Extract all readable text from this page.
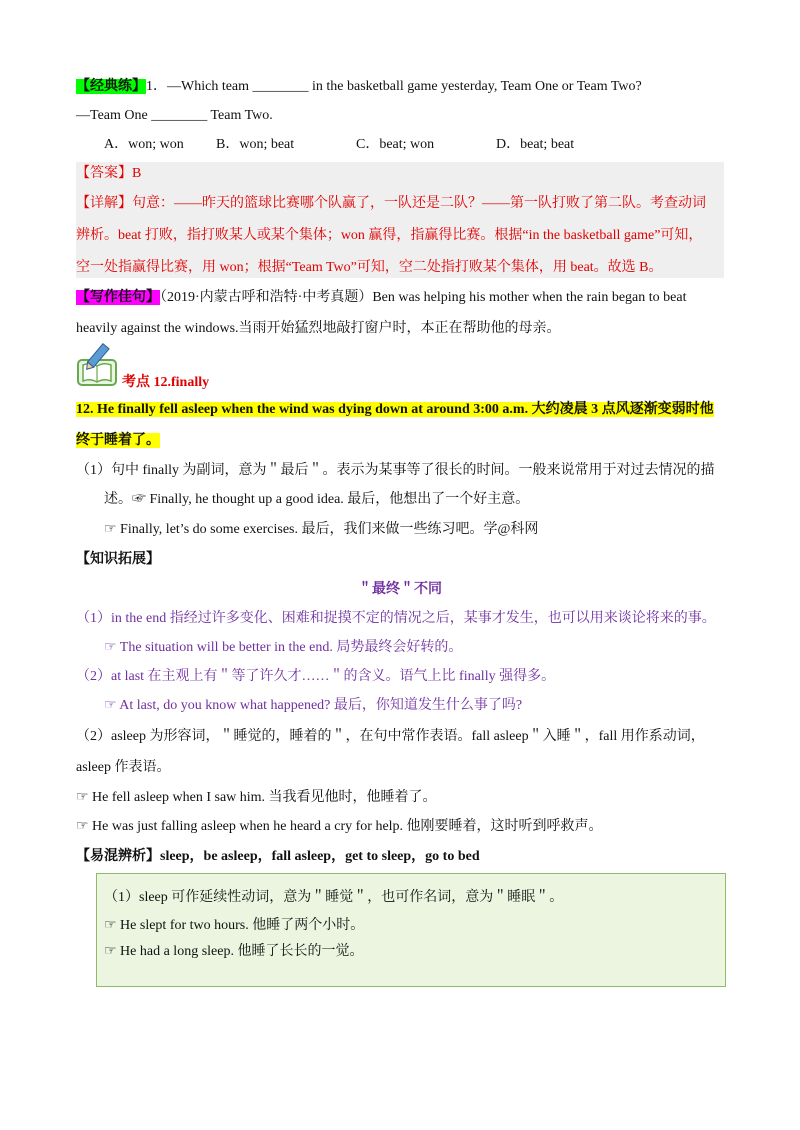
【经典练】1．—Which team ________ in the basketball game yesterday, Team One or Team Two?
—Team One ________ Team Two.
A．won; won B．won; beat	C．beat; won	D．beat; beat
【答案】B
【详解】句意：——昨天的篮球比赛哪个队赢了，一队还是二队？——第一队打败了第二队。考查动词
辨析。beat 打败，指打败某人或某个集体；won 赢得，指赢得比赛。根据“in the basketball game”可知，
空一处指赢得比赛，用 won；根据“Team Two”可知，空二处指打败某个集体，用 beat。故选 B。
【写作佳句】（2019·内蒙古呼和浩特·中考真题）Ben was helping his mother when the rain began to beat
heavily against the windows.当雨开始猛烈地敲打窗户时，本正在帮助他的母亲。
考点 12.finally
12. He finally fell asleep when the wind was dying down at around 3:00 a.m. 大约凌晨 3 点风逐渐变弱时他
终于睡着了。
（1）句中 finally 为副词，意为＂最后＂。表示为某事等了很长的时间。一般来说常用于对过去情况的描
述。☞ Finally, he thought up a good idea. 最后，他想出了一个好主意。
☞ Finally, let’s do some exercises. 最后，我们来做一些练习吧。学@科网
【知识拓展】
＂最终＂不同
（1）in the end 指经过许多变化、困难和捉摸不定的情况之后，某事才发生，也可以用来谈论将来的事。
☞ The situation will be better in the end. 局势最终会好转的。
（2）at last 在主观上有＂等了许久才……＂的含义。语气上比 finally 强得多。
☞ At last, do you know what happened? 最后，你知道发生什么事了吗?
（2）asleep 为形容词，＂睡觉的，睡着的＂，在句中常作表语。fall asleep＂入睡＂，fall 用作系动词，
asleep 作表语。
☞ He fell asleep when I saw him. 当我看见他时，他睡着了。
☞ He was just falling asleep when he heard a cry for help. 他刚要睡着，这时听到呼救声。
【易混辨析】sleep，be asleep，fall asleep，get to sleep，go to bed
（1）sleep 可作延续性动词，意为＂睡觉＂，也可作名词，意为＂睡眠＂。
☞ He slept for two hours. 他睡了两个小时。
☞ He had a long sleep. 他睡了长长的一觉。
